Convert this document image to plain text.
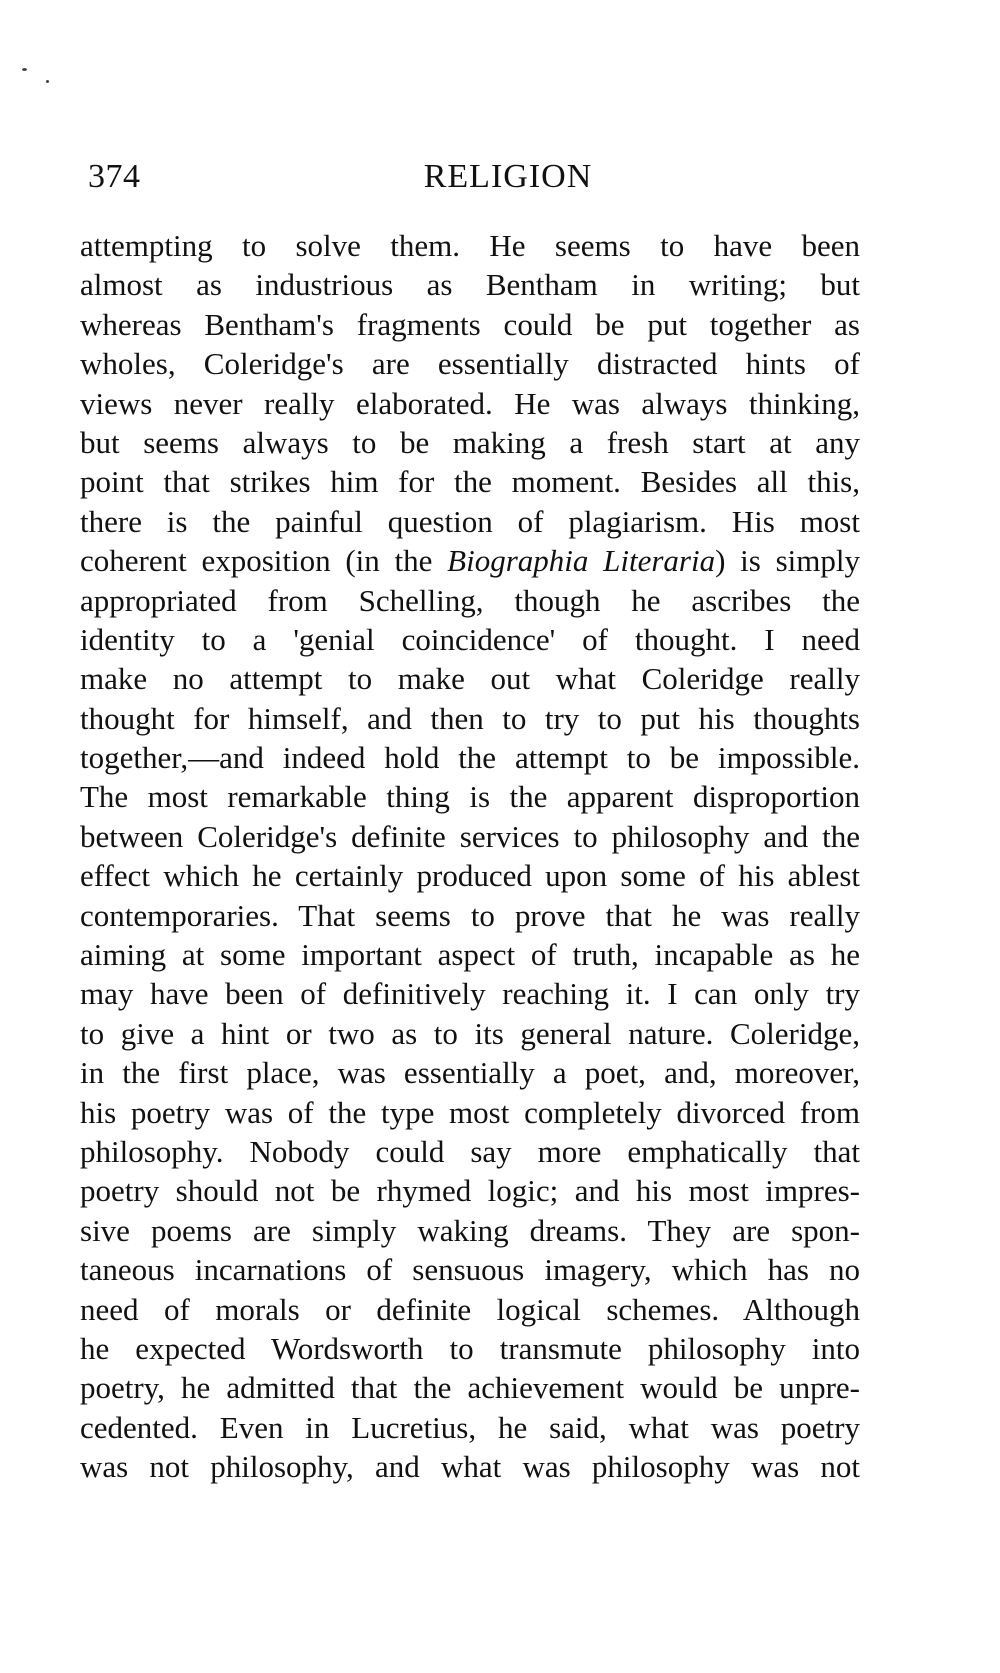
374	RELIGION
attempting to solve them. He seems to have been
almost as industrious as Bentham in writing; but
whereas Bentham's fragments could be put together as
wholes, Coleridge's are essentially distracted hints of
views never really elaborated. He was always thinking,
but seems always to be making a fresh start at any
point that strikes him for the moment. Besides all this,
there is the painful question of plagiarism. His most
coherent exposition (in the Biographia Literaria) is simply
appropriated from Schelling, though he ascribes the
identity to a 'genial coincidence' of thought. I need
make no attempt to make out what Coleridge really
thought for himself, and then to try to put his thoughts
together,—and indeed hold the attempt to be impossible.
The most remarkable thing is the apparent disproportion
between Coleridge's definite services to philosophy and the
effect which he certainly produced upon some of his ablest
contemporaries. That seems to prove that he was really
aiming at some important aspect of truth, incapable as he
may have been of definitively reaching it. I can only try
to give a hint or two as to its general nature. Coleridge,
in the first place, was essentially a poet, and, moreover,
his poetry was of the type most completely divorced from
philosophy. Nobody could say more emphatically that
poetry should not be rhymed logic; and his most impres-
sive poems are simply waking dreams. They are spon-
taneous incarnations of sensuous imagery, which has no
need of morals or definite logical schemes. Although
he expected Wordsworth to transmute philosophy into
poetry, he admitted that the achievement would be unpre-
cedented. Even in Lucretius, he said, what was poetry
was not philosophy, and what was philosophy was not
